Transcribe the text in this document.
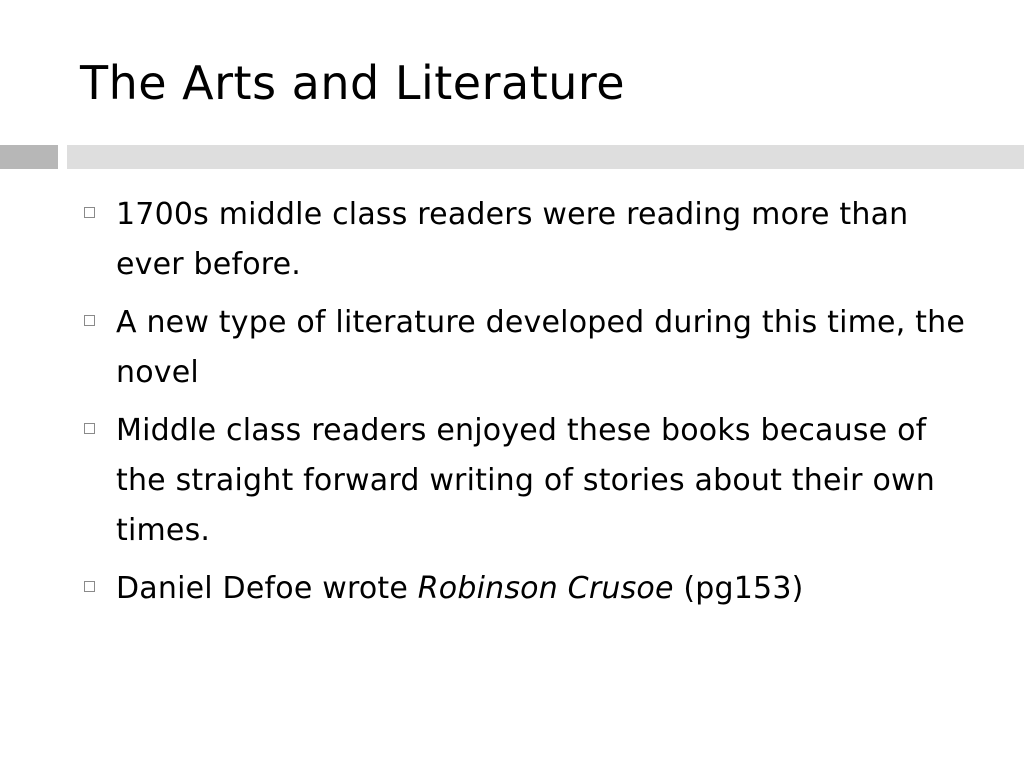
The Arts and Literature
1700s middle class readers were reading more than ever before.
A new type of literature developed during this time, the novel
Middle class readers enjoyed these books because of the straight forward writing of stories about their own times.
Daniel Defoe wrote Robinson Crusoe (pg153)
